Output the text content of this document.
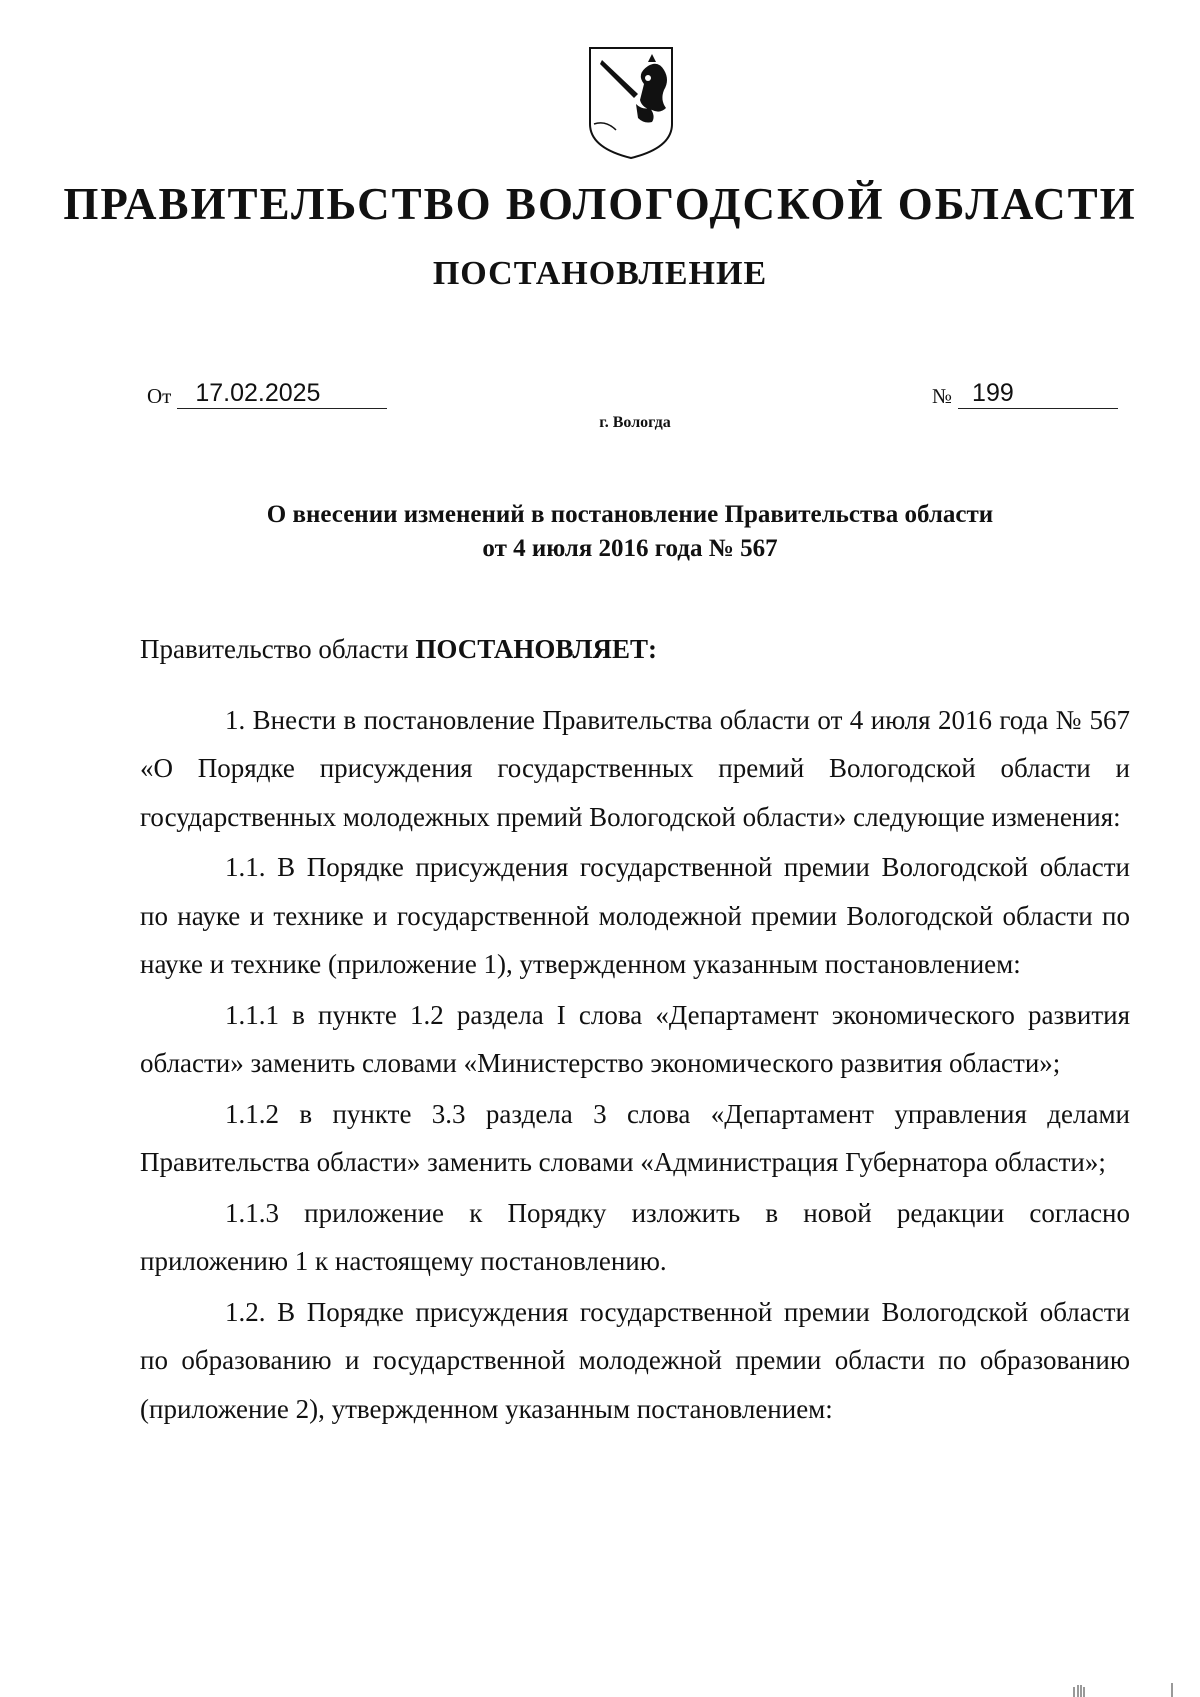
ПРАВИТЕЛЬСТВО ВОЛОГОДСКОЙ ОБЛАСТИ
ПОСТАНОВЛЕНИЕ
От 17.02.2025	№ 199
г. Вологда
О внесении изменений в постановление Правительства области
от 4 июля 2016 года № 567

Правительство области ПОСТАНОВЛЯЕТ:

1. Внести в постановление Правительства области от 4 июля 2016 года № 567 «О Порядке присуждения государственных премий Вологодской области и государственных молодежных премий Вологодской области» следующие изменения:

1.1. В Порядке присуждения государственной премии Вологодской области по науке и технике и государственной молодежной премии Вологодской области по науке и технике (приложение 1), утвержденном указанным постановлением:

1.1.1 в пункте 1.2 раздела I слова «Департамент экономического развития области» заменить словами «Министерство экономического развития области»;

1.1.2 в пункте 3.3 раздела 3 слова «Департамент управления делами Правительства области» заменить словами «Администрация Губернатора области»;

1.1.3 приложение к Порядку изложить в новой редакции согласно приложению 1 к настоящему постановлению.

1.2. В Порядке присуждения государственной премии Вологодской области по образованию и государственной молодежной премии области по образованию (приложение 2), утвержденном указанным постановлением:
